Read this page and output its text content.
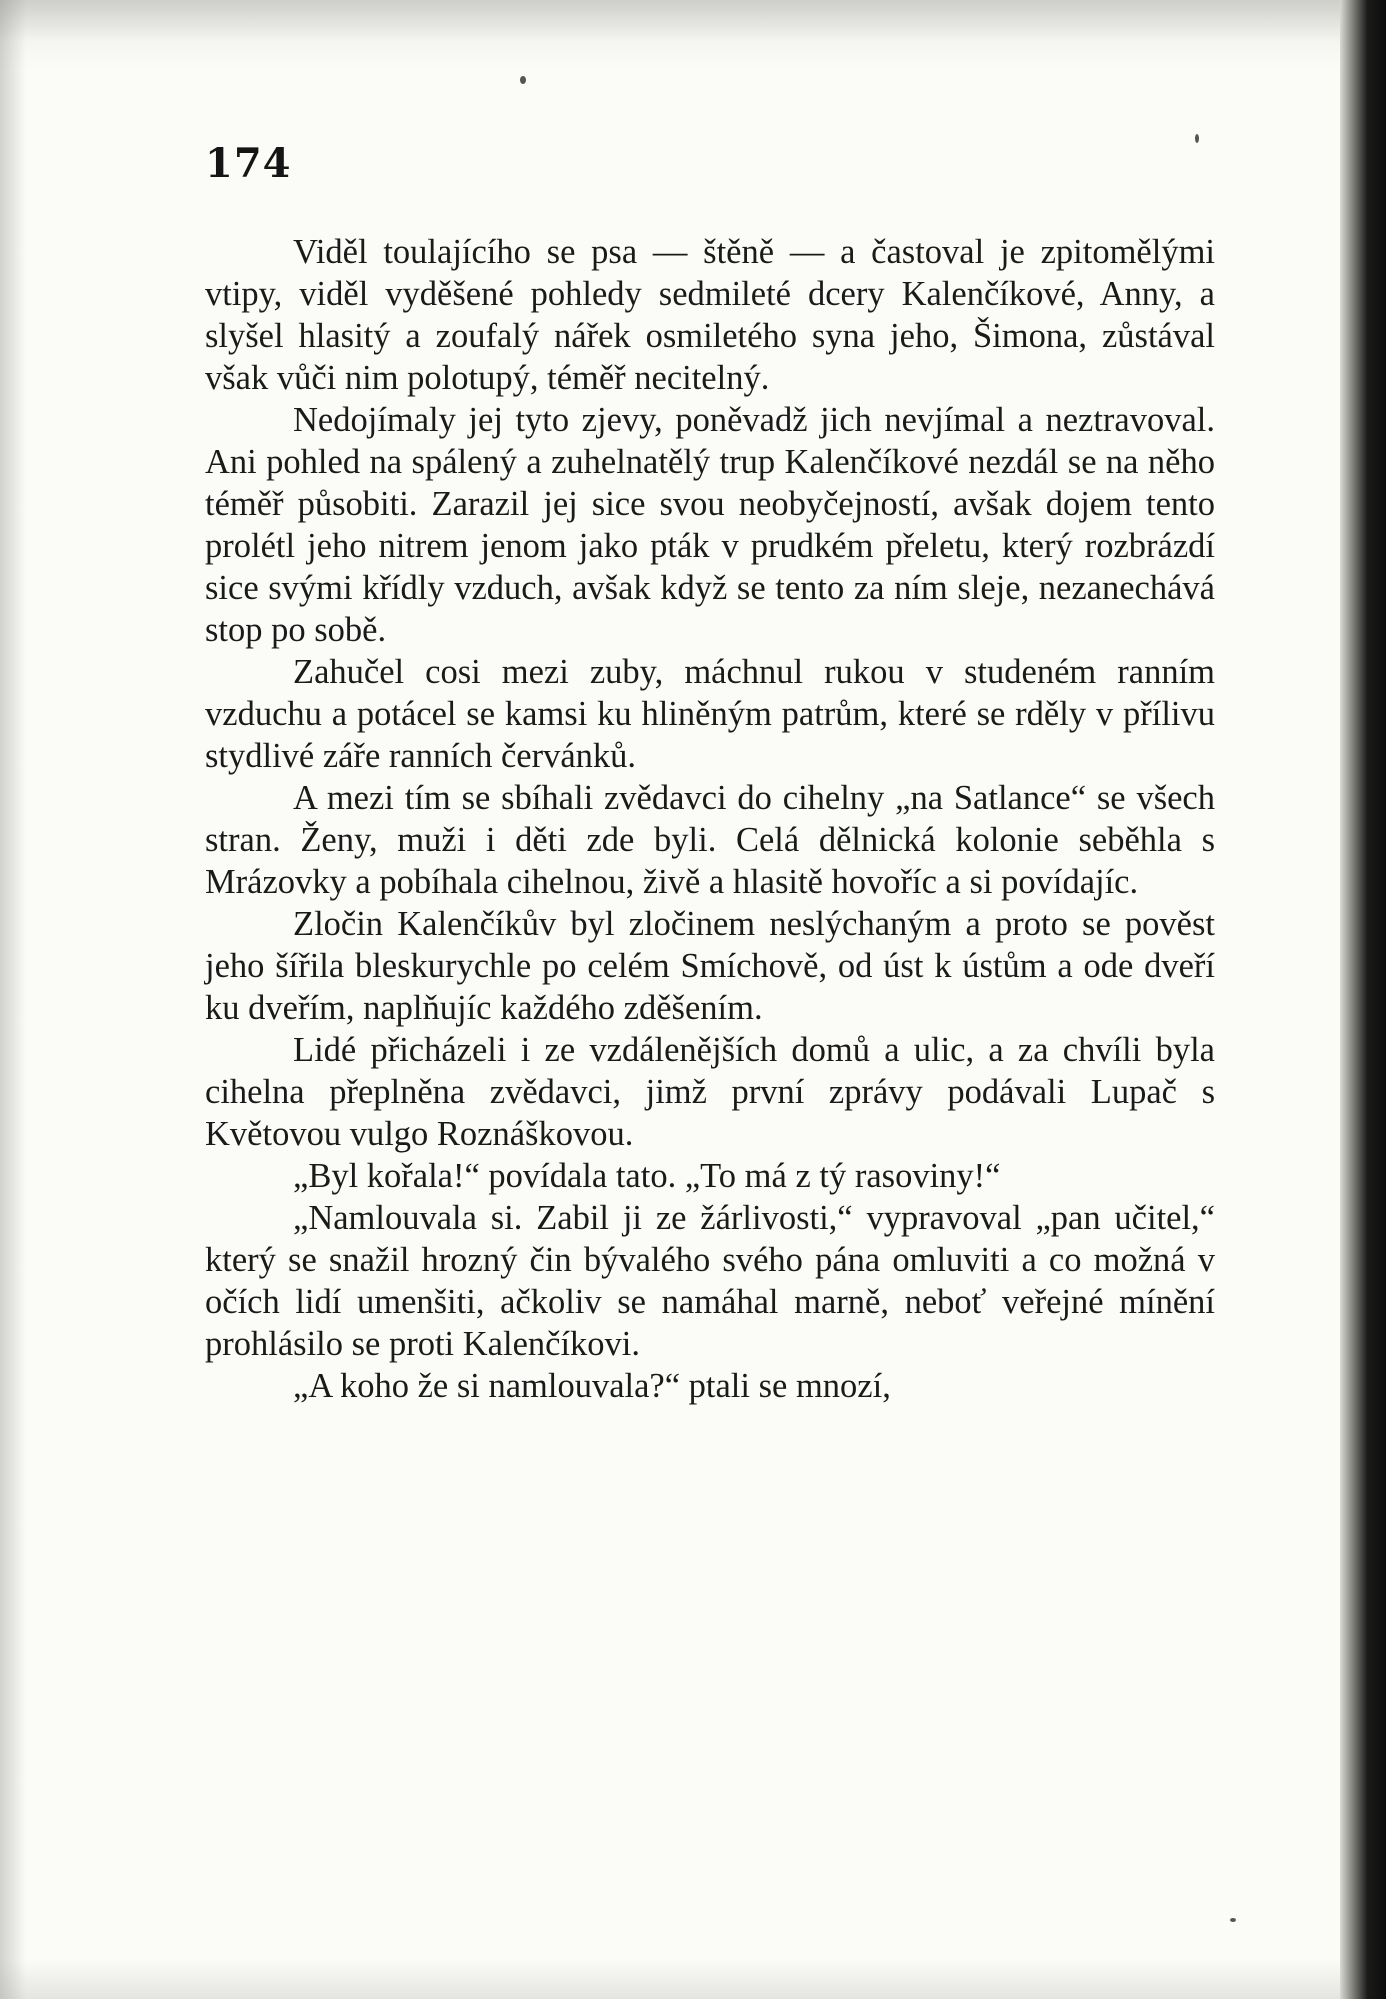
174

Viděl toulajícího se psa — štěně — a častoval je zpitomělými vtipy, viděl vyděšené pohledy sedmileté dcery Kalenčíkové, Anny, a slyšel hlasitý a zoufalý nářek osmiletého syna jeho, Šimona, zůstával však vůči nim polotupý, téměř necitelný.

Nedojímaly jej tyto zjevy, poněvadž jich nevjímal a neztravoval. Ani pohled na spálený a zuhelnatělý trup Kalenčíkové nezdál se na něho téměř působiti. Zarazil jej sice svou neobyčejností, avšak dojem tento prolétl jeho nitrem jenom jako pták v prudkém přeletu, který rozbrázdí sice svými křídly vzduch, avšak když se tento za ním sleje, nezanechává stop po sobě.

Zahučel cosi mezi zuby, máchnul rukou v studeném ranním vzduchu a potácel se kamsi ku hliněným patrům, které se rděly v přílivu stydlivé záře ranních červánků.

A mezi tím se sbíhali zvědavci do cihelny „na Satlance“ se všech stran. Ženy, muži i děti zde byli. Celá dělnická kolonie seběhla s Mrázovky a pobíhala cihelnou, živě a hlasitě hovoříc a si povídajíc.

Zločin Kalenčíkův byl zločinem neslýchaným a proto se pověst jeho šířila bleskurychle po celém Smíchově, od úst k ústům a ode dveří ku dveřím, naplňujíc každého zděšením.

Lidé přicházeli i ze vzdálenějších domů a ulic, a za chvíli byla cihelna přeplněna zvědavci, jimž první zprávy podávali Lupač s Květovou vulgo Roznáškovou.

„Byl kořala!“ povídala tato. „To má z tý rasoviny!“

„Namlouvala si. Zabil ji ze žárlivosti,“ vypravoval „pan učitel,“ který se snažil hrozný čin bývalého svého pána omluviti a co možná v očích lidí umenšiti, ačkoliv se namáhal marně, neboť veřejné mínění prohlásilo se proti Kalenčíkovi.

„A koho že si namlouvala?“ ptali se mnozí,
